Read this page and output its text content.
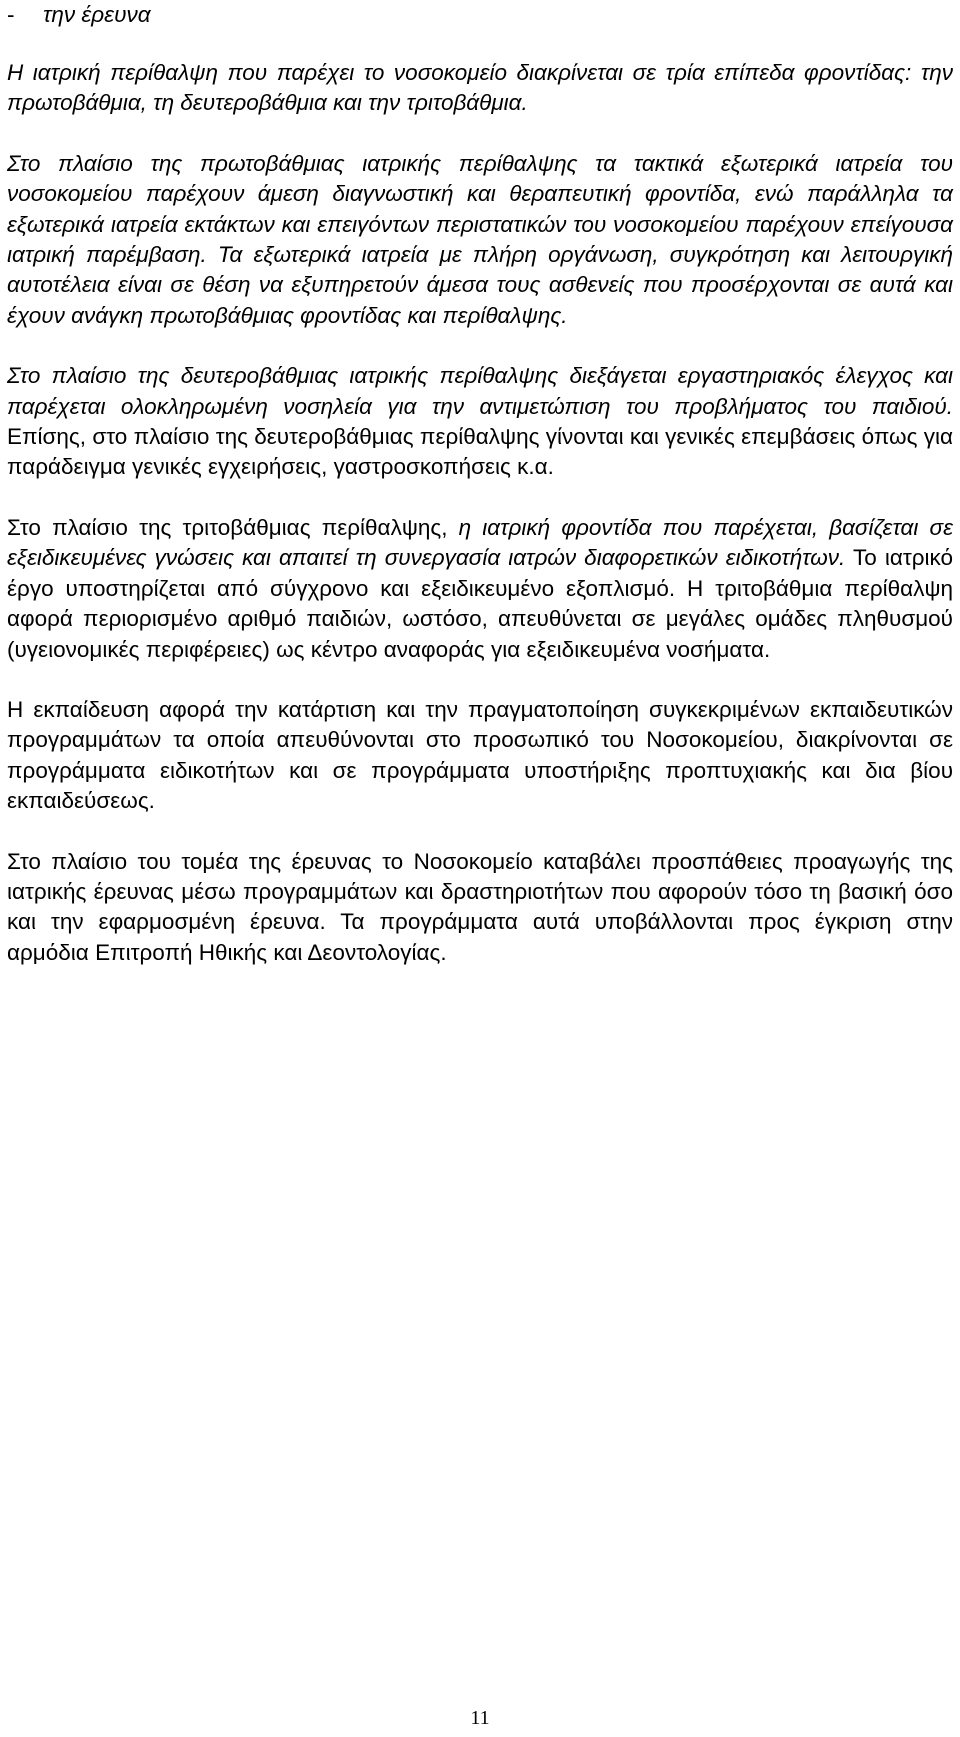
- την έρευνα

Η ιατρική περίθαλψη που παρέχει το νοσοκομείο διακρίνεται σε τρία επίπεδα φροντίδας: την πρωτοβάθμια, τη δευτεροβάθμια και την τριτοβάθμια.

Στο πλαίσιο της πρωτοβάθμιας ιατρικής περίθαλψης τα τακτικά εξωτερικά ιατρεία του νοσοκομείου παρέχουν άμεση διαγνωστική και θεραπευτική φροντίδα, ενώ παράλληλα τα εξωτερικά ιατρεία εκτάκτων και επειγόντων περιστατικών του νοσοκομείου παρέχουν επείγουσα ιατρική παρέμβαση. Τα εξωτερικά ιατρεία με πλήρη οργάνωση, συγκρότηση και λειτουργική αυτοτέλεια είναι σε θέση να εξυπηρετούν άμεσα τους ασθενείς που προσέρχονται σε αυτά και έχουν ανάγκη πρωτοβάθμιας φροντίδας και περίθαλψης.

Στο πλαίσιο της δευτεροβάθμιας ιατρικής περίθαλψης διεξάγεται εργαστηριακός έλεγχος και παρέχεται ολοκληρωμένη νοσηλεία για την αντιμετώπιση του προβλήματος του παιδιού. Επίσης, στο πλαίσιο της δευτεροβάθμιας περίθαλψης γίνονται και γενικές επεμβάσεις όπως για παράδειγμα γενικές εγχειρήσεις, γαστροσκοπήσεις κ.α.

Στο πλαίσιο της τριτοβάθμιας περίθαλψης, η ιατρική φροντίδα που παρέχεται, βασίζεται σε εξειδικευμένες γνώσεις και απαιτεί τη συνεργασία ιατρών διαφορετικών ειδικοτήτων. Το ιατρικό έργο υποστηρίζεται από σύγχρονο και εξειδικευμένο εξοπλισμό. Η τριτοβάθμια περίθαλψη αφορά περιορισμένο αριθμό παιδιών, ωστόσο, απευθύνεται σε μεγάλες ομάδες πληθυσμού (υγειονομικές περιφέρειες) ως κέντρο αναφοράς για εξειδικευμένα νοσήματα.

Η εκπαίδευση αφορά την κατάρτιση και την πραγματοποίηση συγκεκριμένων εκπαιδευτικών προγραμμάτων τα οποία απευθύνονται στο προσωπικό του Νοσοκομείου, διακρίνονται σε προγράμματα ειδικοτήτων και σε προγράμματα υποστήριξης προπτυχιακής και δια βίου εκπαιδεύσεως.

Στο πλαίσιο του τομέα της έρευνας το Νοσοκομείο καταβάλει προσπάθειες προαγωγής της ιατρικής έρευνας μέσω προγραμμάτων και δραστηριοτήτων που αφορούν τόσο τη βασική όσο και την εφαρμοσμένη έρευνα. Τα προγράμματα αυτά υποβάλλονται προς έγκριση στην αρμόδια Επιτροπή Ηθικής και Δεοντολογίας.

11
